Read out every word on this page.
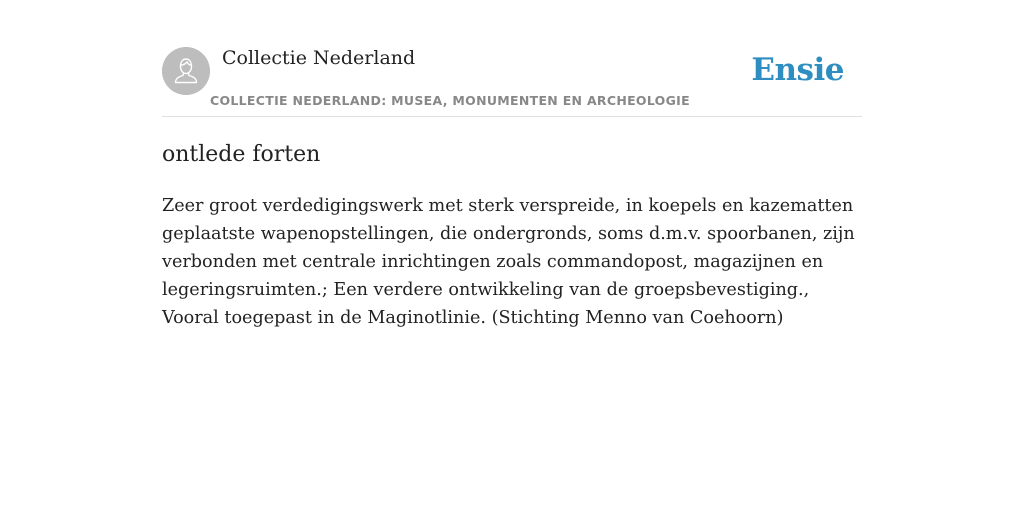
Collectie Nederland
COLLECTIE NEDERLAND: MUSEA, MONUMENTEN EN ARCHEOLOGIE
Ensie
ontlede forten

Zeer groot verdedigingswerk met sterk verspreide, in koepels en kazematten geplaatste wapenopstellingen, die ondergronds, soms d.m.v. spoorbanen, zijn verbonden met centrale inrichtingen zoals commandopost, magazijnen en legeringsruimten.; Een verdere ontwikkeling van de groepsbevestiging., Vooral toegepast in de Maginotlinie. (Stichting Menno van Coehoorn)
